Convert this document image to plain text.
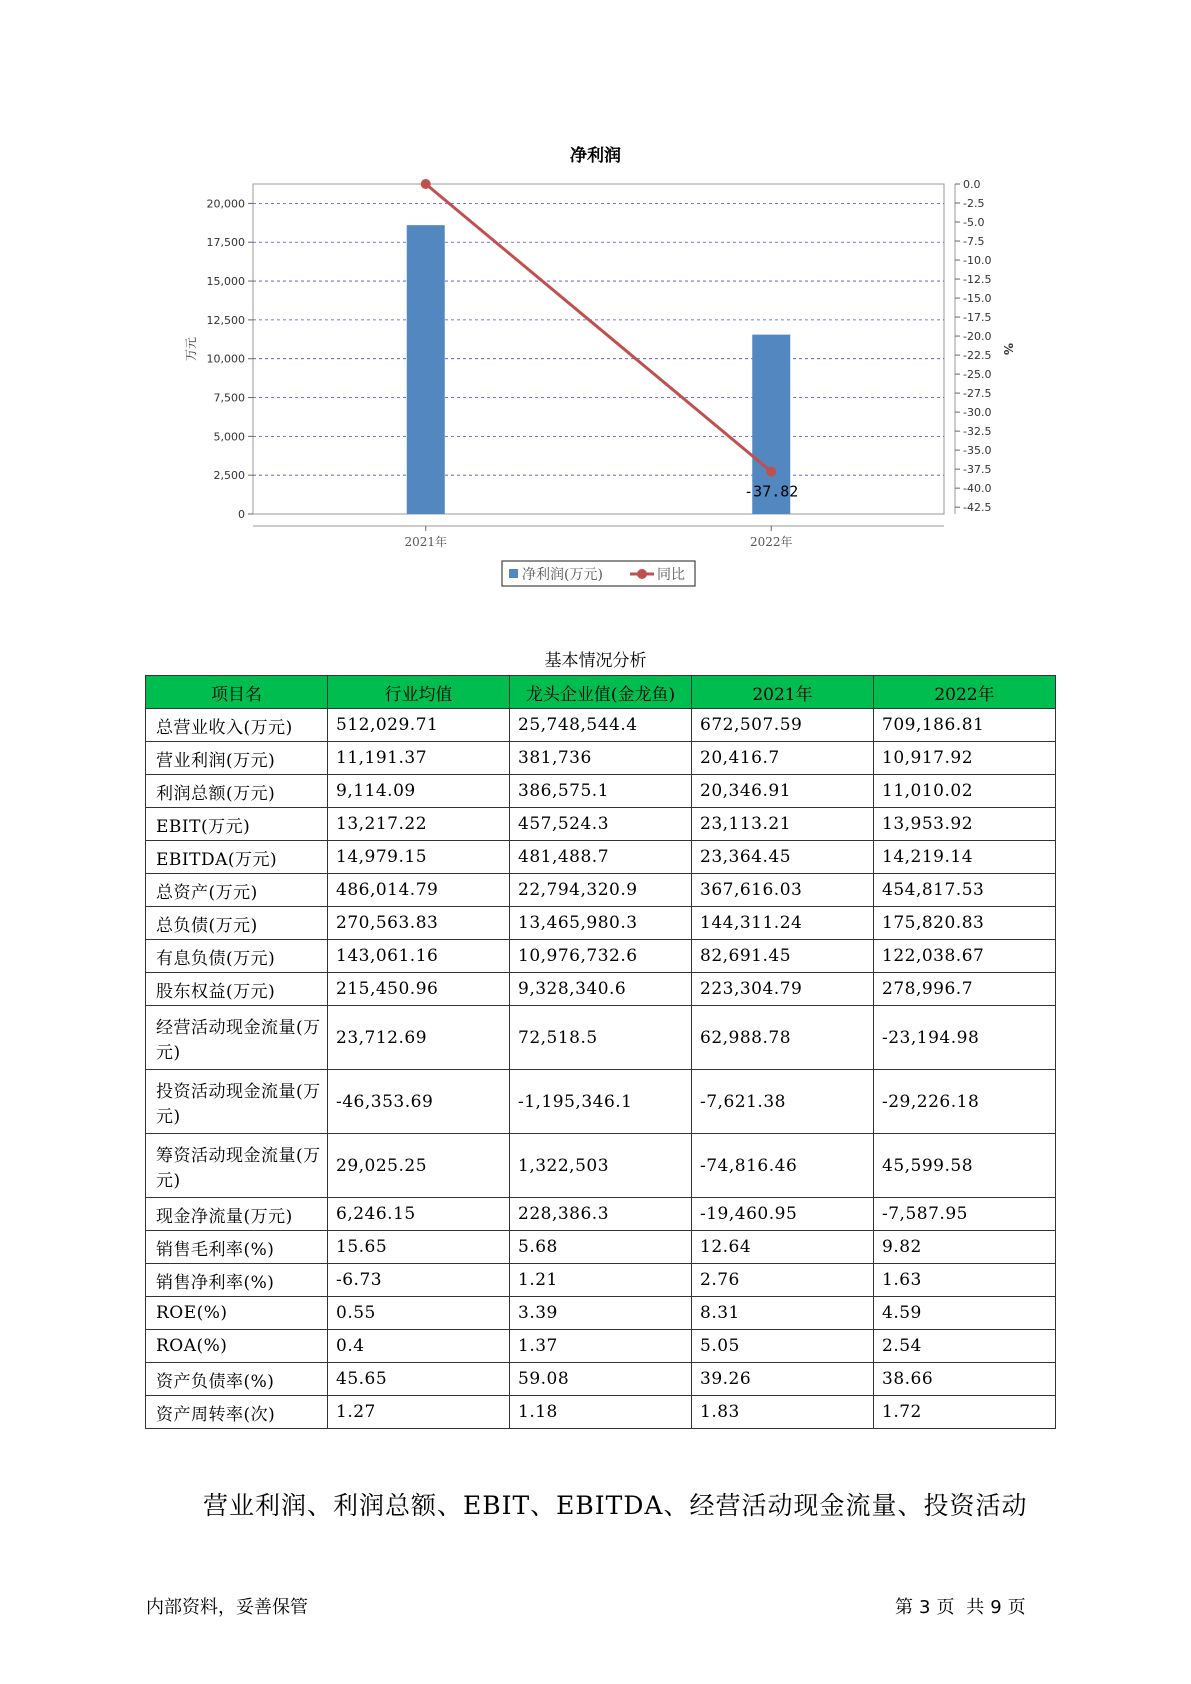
净利润
0
2,500
5,000
7,500
10,000
12,500
15,000
17,500
20,000
万元
0.0
-2.5
-5.0
-7.5
-10.0
-12.5
-15.0
-17.5
-20.0
-22.5
-25.0
-27.5
-30.0
-32.5
-35.0
-37.5
-40.0
-42.5
%
2021年	2022年
-37.82
净利润(万元)	同比
基本情况分析
项目名	行业均值	龙头企业值(金龙鱼)	2021年	2022年
总营业收入(万元)	512,029.71	25,748,544.4	672,507.59	709,186.81
营业利润(万元)	11,191.37	381,736	20,416.7	10,917.92
利润总额(万元)	9,114.09	386,575.1	20,346.91	11,010.02
EBIT(万元)	13,217.22	457,524.3	23,113.21	13,953.92
EBITDA(万元)	14,979.15	481,488.7	23,364.45	14,219.14
总资产(万元)	486,014.79	22,794,320.9	367,616.03	454,817.53
总负债(万元)	270,563.83	13,465,980.3	144,311.24	175,820.83
有息负债(万元)	143,061.16	10,976,732.6	82,691.45	122,038.67
股东权益(万元)	215,450.96	9,328,340.6	223,304.79	278,996.7
经营活动现金流量(万元)	23,712.69	72,518.5	62,988.78	-23,194.98
投资活动现金流量(万元)	-46,353.69	-1,195,346.1	-7,621.38	-29,226.18
筹资活动现金流量(万元)	29,025.25	1,322,503	-74,816.46	45,599.58
现金净流量(万元)	6,246.15	228,386.3	-19,460.95	-7,587.95
销售毛利率(%)	15.65	5.68	12.64	9.82
销售净利率(%)	-6.73	1.21	2.76	1.63
ROE(%)	0.55	3.39	8.31	4.59
ROA(%)	0.4	1.37	5.05	2.54
资产负债率(%)	45.65	59.08	39.26	38.66
资产周转率(次)	1.27	1.18	1.83	1.72
营业利润、利润总额、EBIT、EBITDA、经营活动现金流量、投资活动
内部资料，妥善保管	第 3 页 共 9 页
